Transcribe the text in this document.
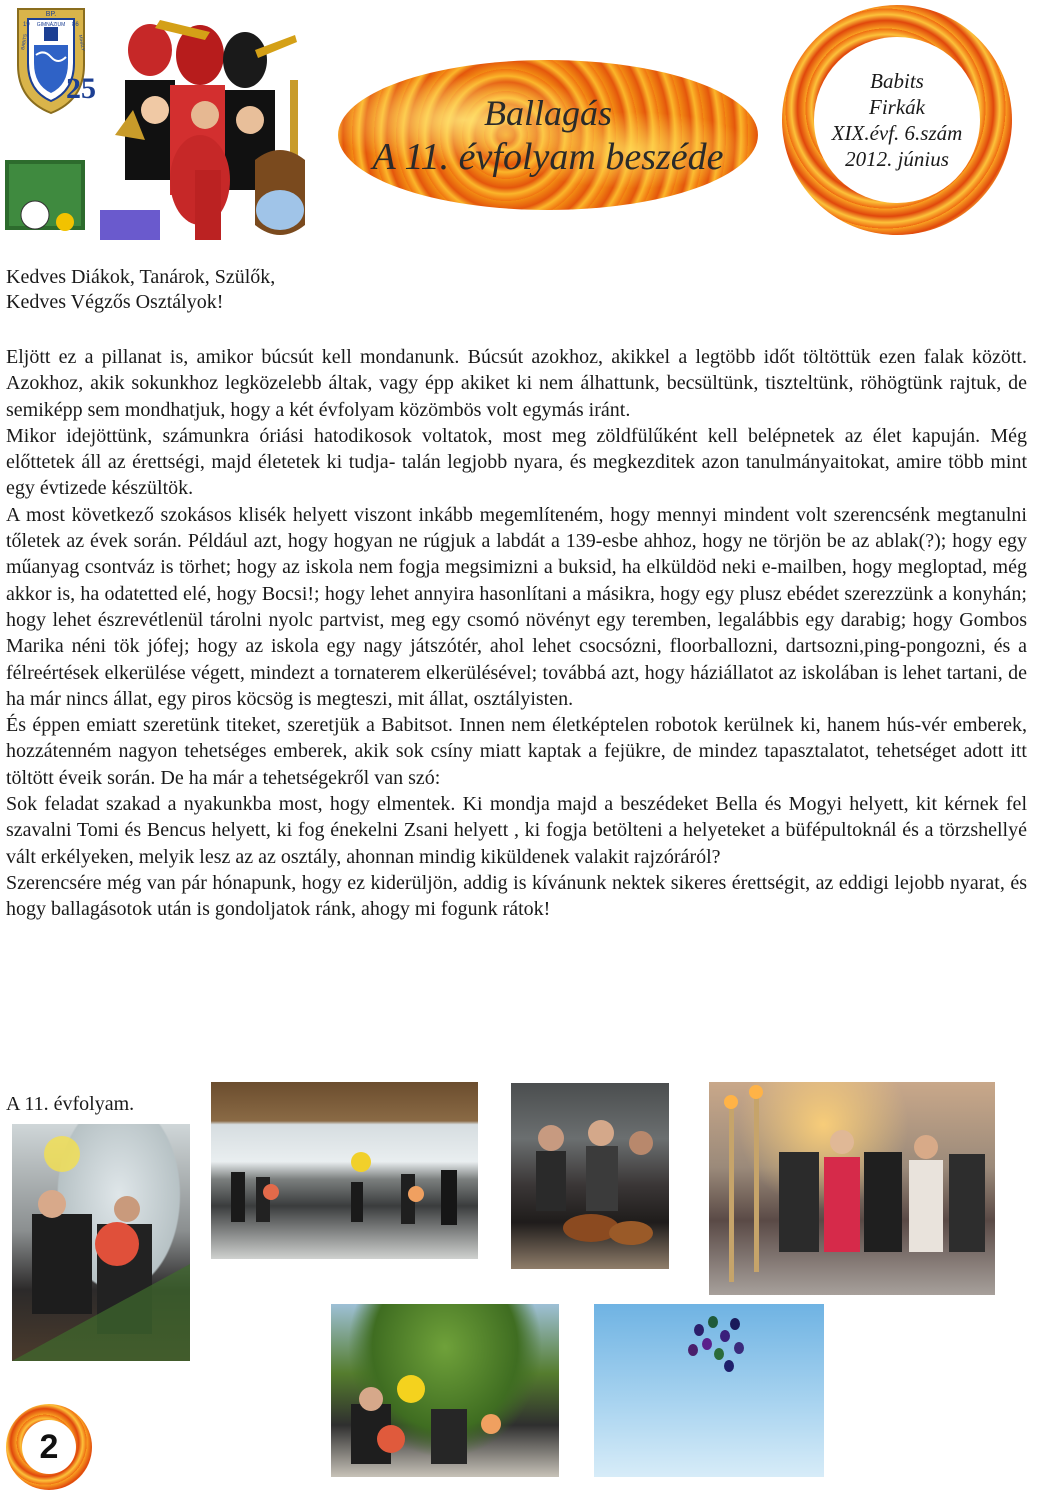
BP.
GIMNÁZIUM
19	86
BABITS	MIHÁLY

25

Ballagás

A 11. évfolyam beszéde

Babits

Firkák

XIX.évf. 6.szám

2012. június

Kedves Diákok, Tanárok, Szülők,

Kedves Végzős Osztályok!

Eljött ez a pillanat is, amikor búcsút kell mondanunk. Búcsút azokhoz, akikkel a legtöbb időt töltöttük ezen falak között. Azokhoz, akik sokunkhoz legközelebb áltak, vagy épp akiket ki nem álhattunk, becsültünk, tiszteltünk, röhögtünk rajtuk, de semiképp sem mondhatjuk, hogy a két évfolyam közömbös volt egymás iránt.

Mikor idejöttünk, számunkra óriási hatodikosok voltatok, most meg zöldfülűként kell belépnetek az élet kapuján. Még előttetek áll az érettségi, majd életetek ki tudja- talán legjobb nyara, és megkezditek azon tanulmányaitokat, amire több mint egy évtizede készültök.

A most következő szokásos klisék helyett viszont inkább megemlíteném, hogy mennyi mindent volt szerencsénk megtanulni tőletek az évek során. Például azt, hogy hogyan ne rúgjuk a labdát a 139-esbe ahhoz, hogy ne törjön be az ablak(?); hogy egy műanyag csontváz is törhet; hogy az iskola nem fogja megsimizni a buksid, ha elküldöd neki e-mailben, hogy megloptad, még akkor is, ha odatetted elé, hogy Bocsi!; hogy lehet annyira hasonlítani a másikra, hogy egy plusz ebédet szerezzünk a konyhán; hogy lehet észrevétlenül tárolni nyolc partvist, meg egy csomó növényt egy teremben, legalábbis egy darabig; hogy Gombos Marika néni tök jófej; hogy az iskola egy nagy játszótér, ahol lehet csocsózni, floorballozni, dartsozni,ping-pongozni, és a félreértések elkerülése végett, mindezt a tornaterem elkerülésével; továbbá azt, hogy háziállatot az iskolában is lehet tartani, de ha már nincs állat, egy piros köcsög is megteszi, mit állat, osztályisten.

És éppen emiatt szeretünk titeket, szeretjük a Babitsot. Innen nem életképtelen robotok kerülnek ki, hanem hús-vér emberek, hozzátenném nagyon tehetséges emberek, akik sok csíny miatt kaptak a fejükre, de mindez tapasztalatot, tehetséget adott itt töltött éveik során. De ha már a tehetségekről van szó:

Sok feladat szakad a nyakunkba most, hogy elmentek. Ki mondja majd a beszédeket Bella és Mogyi helyett, kit kérnek fel szavalni Tomi és Bencus helyett, ki fog énekelni Zsani helyett , ki fogja betölteni a helyeteket a büfépultoknál és a törzshellyé vált erkélyeken, melyik lesz az az osztály, ahonnan mindig kiküldenek valakit rajzóráról?

Szerencsére még van pár hónapunk, hogy ez kiderüljön, addig is kívánunk nektek sikeres érettségit, az eddigi lejobb nyarat, és hogy ballagásotok után is gondoljatok ránk, ahogy mi fogunk rátok!

A 11. évfolyam.

2
